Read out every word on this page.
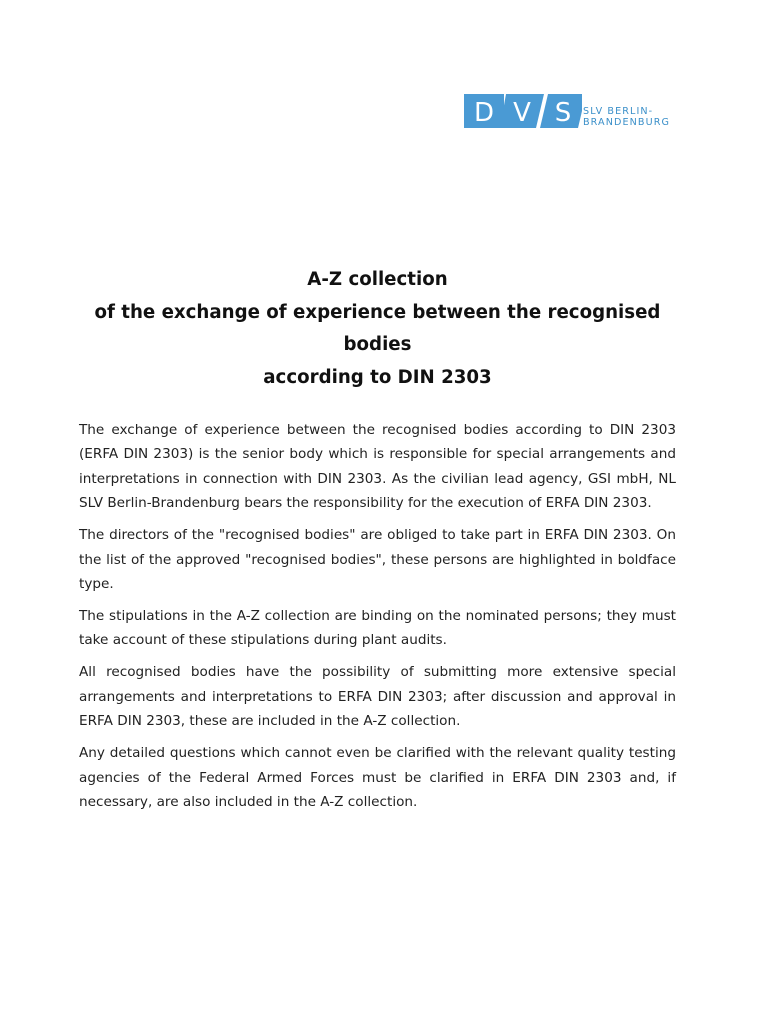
D V S SLV BERLIN-
BRANDENBURG
A-Z collection
of the exchange of experience between the recognised
bodies
according to DIN 2303

The exchange of experience between the recognised bodies according to DIN 2303 (ERFA DIN 2303) is the senior body which is responsible for special arrangements and interpretations in connection with DIN 2303. As the civilian lead agency, GSI mbH, NL SLV Berlin-Brandenburg bears the responsibility for the execution of ERFA DIN 2303.

The directors of the "recognised bodies" are obliged to take part in ERFA DIN 2303. On the list of the approved "recognised bodies", these persons are highlighted in boldface type.

The stipulations in the A-Z collection are binding on the nominated persons; they must take account of these stipulations during plant audits.

All recognised bodies have the possibility of submitting more extensive special arrangements and interpretations to ERFA DIN 2303; after discussion and approval in ERFA DIN 2303, these are included in the A-Z collection.

Any detailed questions which cannot even be clarified with the relevant quality testing agencies of the Federal Armed Forces must be clarified in ERFA DIN 2303 and, if necessary, are also included in the A-Z collection.
